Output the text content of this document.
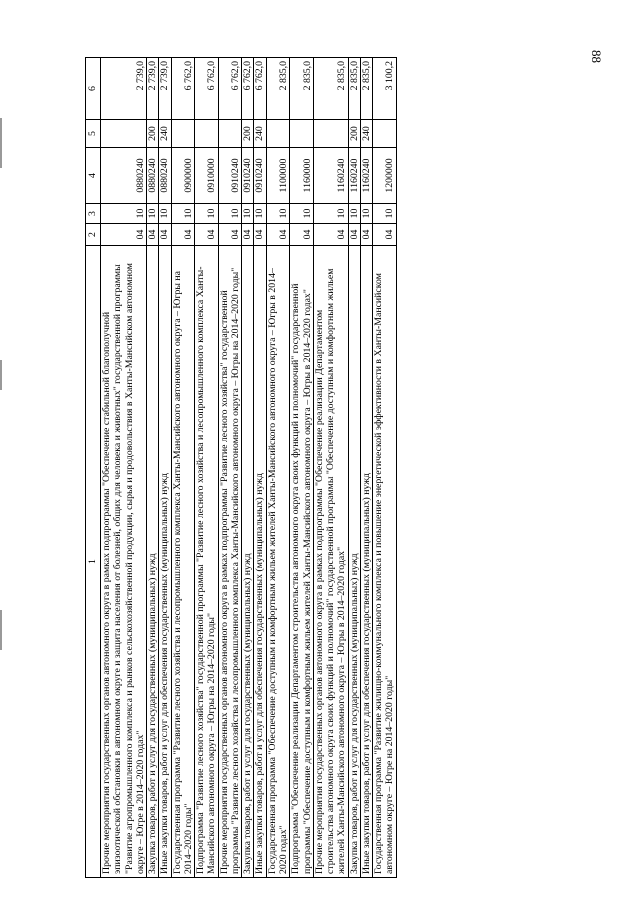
88
1	2	3	4	5	6
Прочие мероприятия государственных органов автономного округа в рамках подпрограммы "Обеспечение стабильной благополучной эпизоотической обстановки в автономном округе и защита населения от болезней, общих для человека и животных" государственной программы "Развитие агропромышленного комплекса и рынков сельскохозяйственной продукции, сырья и продовольствия в Ханты-Мансийском автономном округе – Югре в 2014–2020 годах"	04	10	0880240		2 739,0
Закупка товаров, работ и услуг для государственных (муниципальных) нужд	04	10	0880240	200	2 739,0
Иные закупки товаров, работ и услуг для обеспечения государственных (муниципальных) нужд	04	10	0880240	240	2 739,0
Государственная программа "Развитие лесного хозяйства и лесопромышленного комплекса Ханты-Мансийского автономного округа – Югры на 2014–2020 годы"	04	10	0900000		6 762,0
Подпрограмма "Развитие лесного хозяйства" государственной программы "Развитие лесного хозяйства и лесопромышленного комплекса Ханты-Мансийского автономного округа – Югры на 2014–2020 годы"	04	10	0910000		6 762,0
Прочие мероприятия государственных органов автономного округа в рамках подпрограммы "Развитие лесного хозяйства" государственной программы "Развитие лесного хозяйства и лесопромышленного комплекса Ханты-Мансийского автономного округа – Югры на 2014–2020 годы"	04	10	0910240		6 762,0
Закупка товаров, работ и услуг для государственных (муниципальных) нужд	04	10	0910240	200	6 762,0
Иные закупки товаров, работ и услуг для обеспечения государственных (муниципальных) нужд	04	10	0910240	240	6 762,0
Государственная программа "Обеспечение доступным и комфортным жильем жителей Ханты-Мансийского автономного округа – Югры в 2014–2020 годах"	04	10	1100000		2 835,0
Подпрограмма "Обеспечение реализации Департаментом строительства автономного округа своих функций и полномочий" государственной программы "Обеспечение доступным и комфортным жильем жителей Ханты-Мансийского автономного округа – Югры в 2014–2020 годах"	04	10	1160000		2 835,0
Прочие мероприятия государственных органов автономного округа в рамках подпрограммы "Обеспечение реализации Департаментом строительства автономного округа своих функций и полномочий" государственной программы "Обеспечение доступным и комфортным жильем жителей Ханты-Мансийского автономного округа – Югры в 2014–2020 годах"	04	10	1160240		2 835,0
Закупка товаров, работ и услуг для государственных (муниципальных) нужд	04	10	1160240	200	2 835,0
Иные закупки товаров, работ и услуг для обеспечения государственных (муниципальных) нужд	04	10	1160240	240	2 835,0
Государственная программа "Развитие жилищно-коммунального комплекса и повышение энергетической эффективности в Ханты-Мансийском автономном округе – Югре на 2014–2020 годы"	04	10	1200000		3 100,2
